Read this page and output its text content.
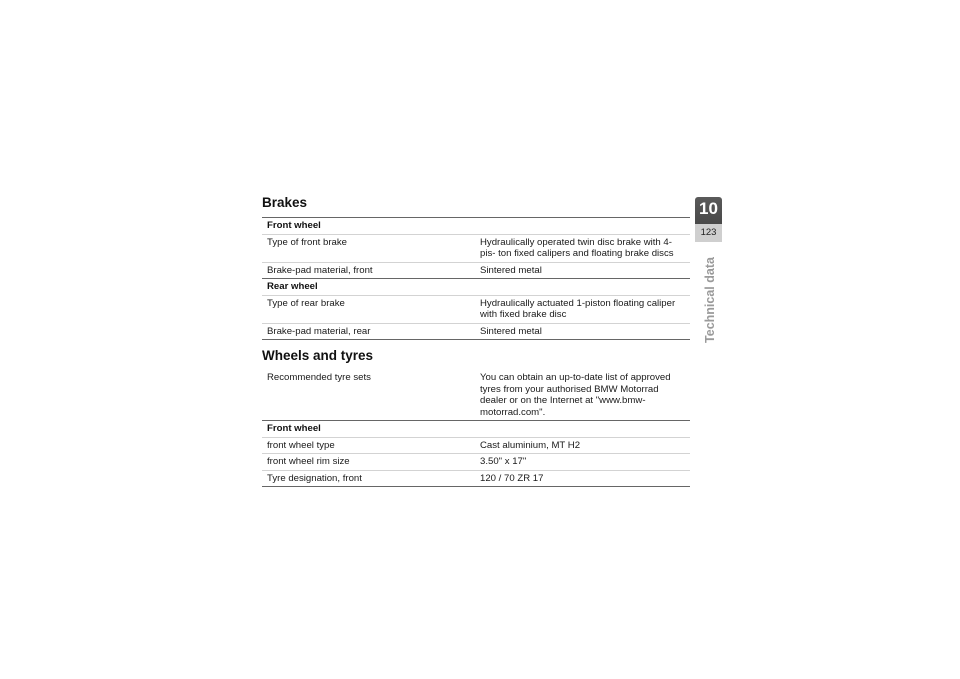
Brakes
Front wheel	
Type of front brake	Hydraulically operated twin disc brake with 4-pis- ton fixed calipers and floating brake discs
Brake-pad material, front	Sintered metal
Rear wheel	
Type of rear brake	Hydraulically actuated 1-piston floating caliper with fixed brake disc
Brake-pad material, rear	Sintered metal
Wheels and tyres
Recommended tyre sets	You can obtain an up-to-date list of approved tyres from your authorised BMW Motorrad dealer or on the Internet at "www.bmw-motorrad.com".
Front wheel	
front wheel type	Cast aluminium, MT H2
front wheel rim size	3.50" x 17"
Tyre designation, front	120 / 70 ZR 17
10
123
Technical data
